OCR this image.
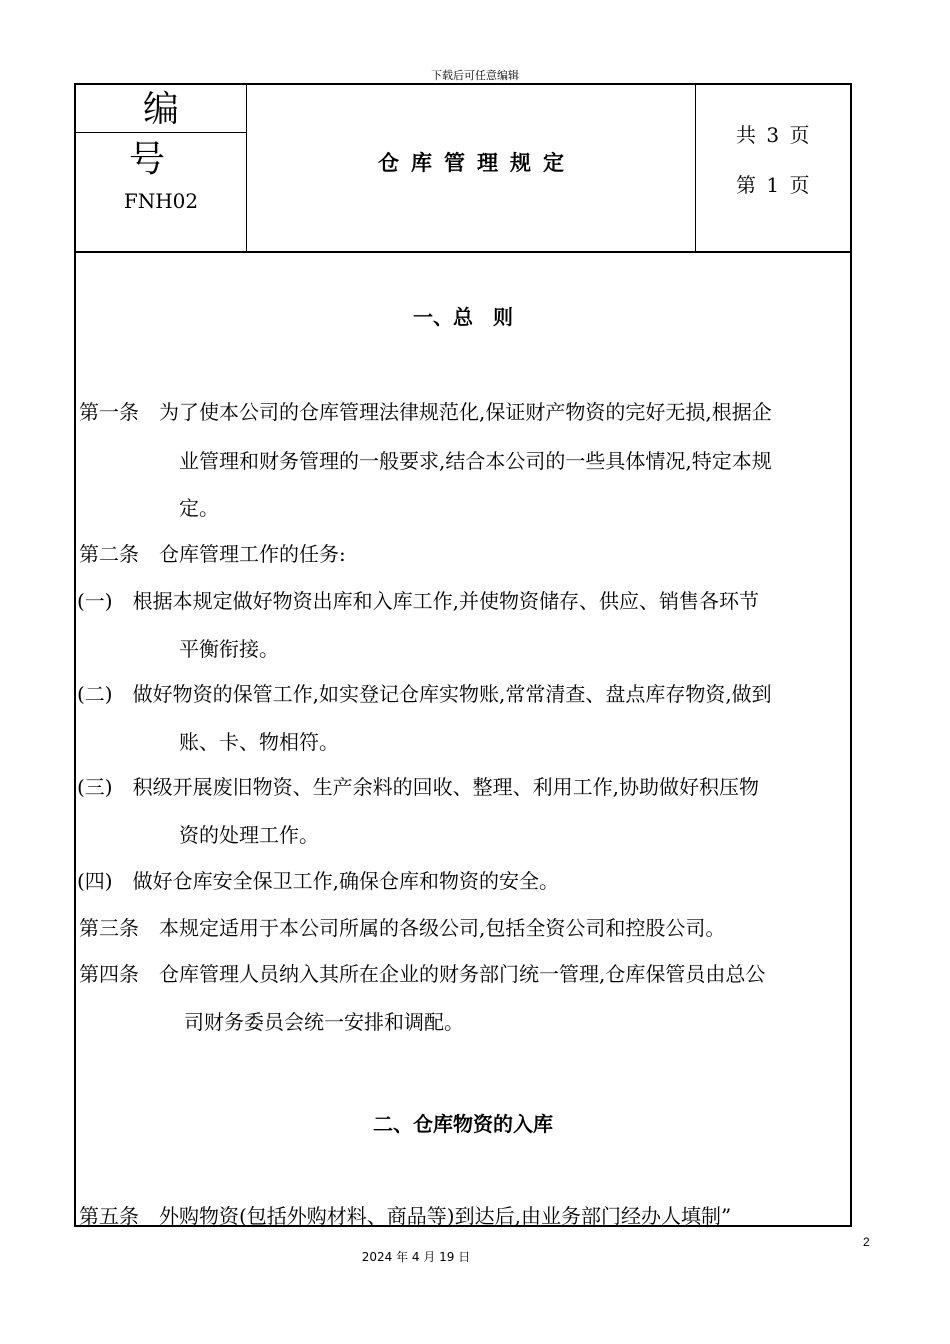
下载后可任意编辑
编 号
FNH02
仓库管理规定
共 3 页
第 1 页
一、总　则
第一条　为了使本公司的仓库管理法律规范化,保证财产物资的完好无损,根据企
业管理和财务管理的一般要求,结合本公司的一些具体情况,特定本规
定。
第二条　仓库管理工作的任务:
(一)　根据本规定做好物资出库和入库工作,并使物资储存、供应、销售各环节
平衡衔接。
(二)　做好物资的保管工作,如实登记仓库实物账,常常清查、盘点库存物资,做到
账、卡、物相符。
(三)　积级开展废旧物资、生产余料的回收、整理、利用工作,协助做好积压物
资的处理工作。
(四)　做好仓库安全保卫工作,确保仓库和物资的安全。
第三条　本规定适用于本公司所属的各级公司,包括全资公司和控股公司。
第四条　仓库管理人员纳入其所在企业的财务部门统一管理,仓库保管员由总公
司财务委员会统一安排和调配。
二、仓库物资的入库
第五条　外购物资(包括外购材料、商品等)到达后,由业务部门经办人填制”
2
2024 年 4 月 19 日
